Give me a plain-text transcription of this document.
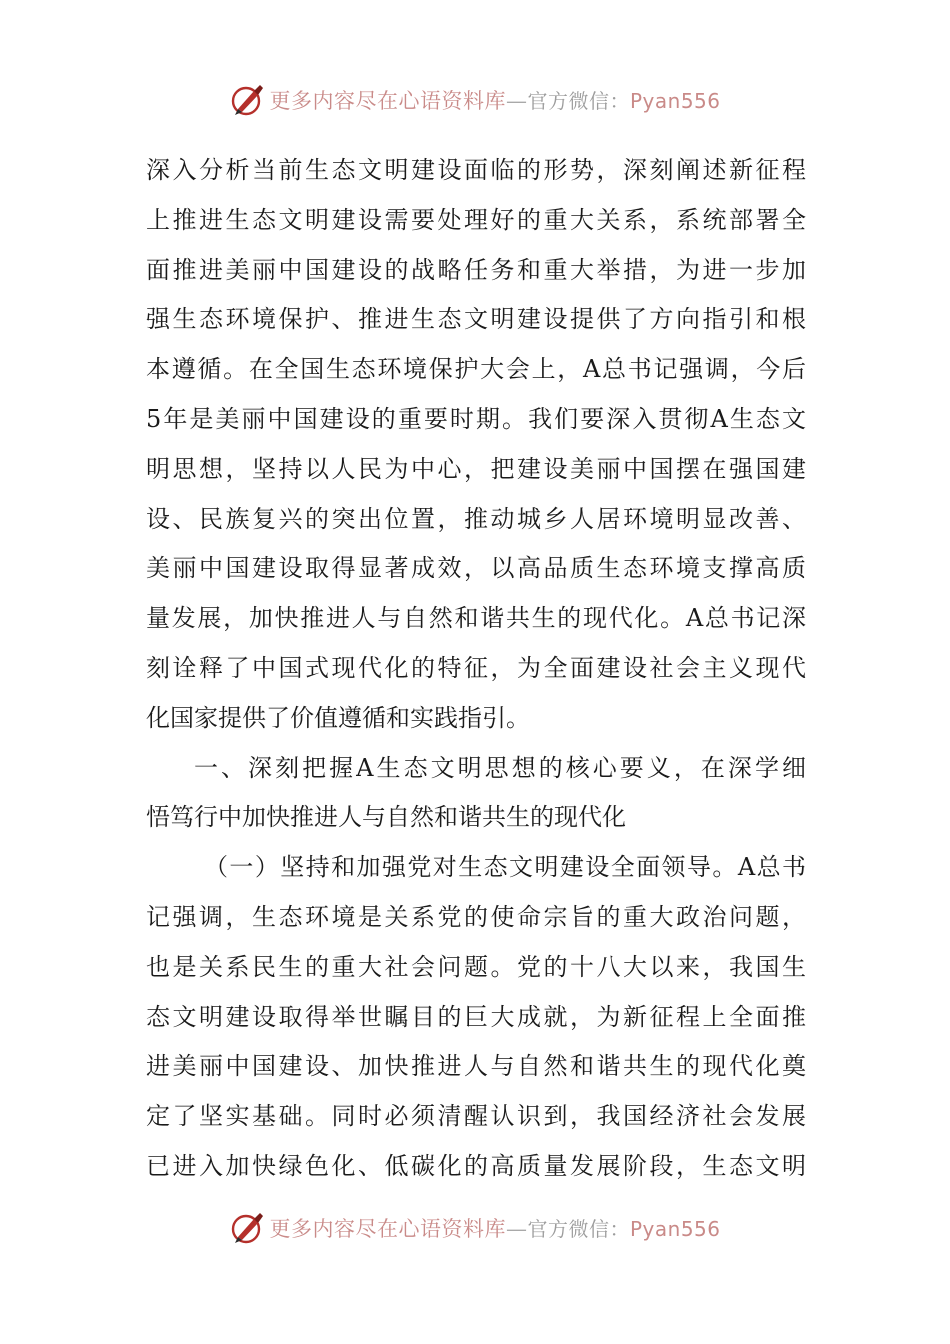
更多内容尽在心语资料库—官方微信：Pyan556
深入分析当前生态文明建设面临的形势，深刻阐述新征程
上推进生态文明建设需要处理好的重大关系，系统部署全
面推进美丽中国建设的战略任务和重大举措，为进一步加
强生态环境保护、推进生态文明建设提供了方向指引和根
本遵循。在全国生态环境保护大会上，A总书记强调，今后
5年是美丽中国建设的重要时期。我们要深入贯彻A生态文
明思想，坚持以人民为中心，把建设美丽中国摆在强国建
设、民族复兴的突出位置，推动城乡人居环境明显改善、
美丽中国建设取得显著成效，以高品质生态环境支撑高质
量发展，加快推进人与自然和谐共生的现代化。A总书记深
刻诠释了中国式现代化的特征，为全面建设社会主义现代
化国家提供了价值遵循和实践指引。
一、深刻把握A生态文明思想的核心要义，在深学细
悟笃行中加快推进人与自然和谐共生的现代化
（一）坚持和加强党对生态文明建设全面领导。A总书
记强调，生态环境是关系党的使命宗旨的重大政治问题，
也是关系民生的重大社会问题。党的十八大以来，我国生
态文明建设取得举世瞩目的巨大成就，为新征程上全面推
进美丽中国建设、加快推进人与自然和谐共生的现代化奠
定了坚实基础。同时必须清醒认识到，我国经济社会发展
已进入加快绿色化、低碳化的高质量发展阶段，生态文明
更多内容尽在心语资料库—官方微信：Pyan556
